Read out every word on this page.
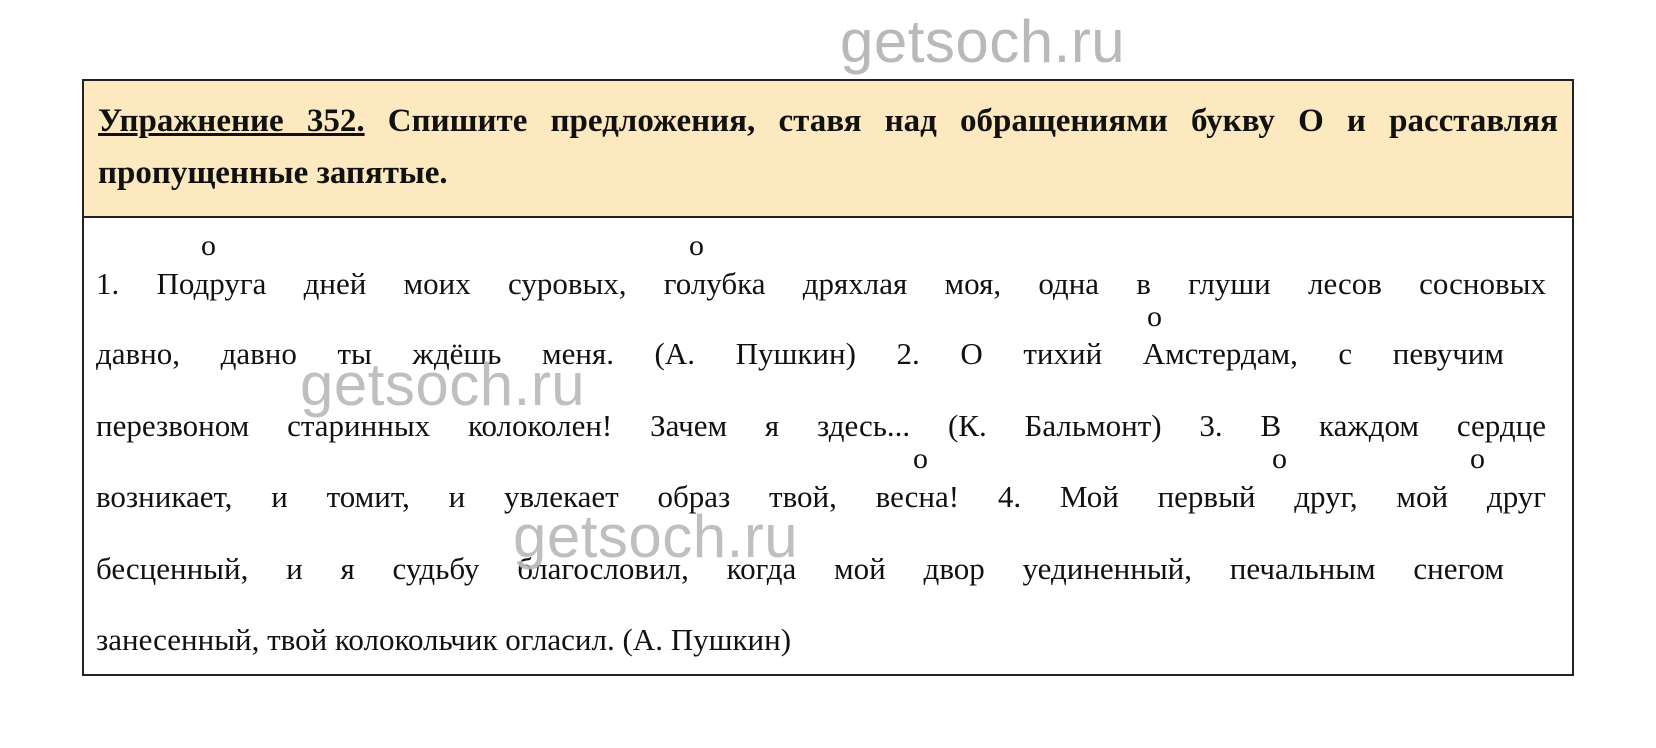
getsoch.ru
Упражнение 352. Спишите предложения, ставя над обращениями букву О и расставляя пропущенные запятые.
о	о
о
о	о	о
1. Подруга дней моих суровых, голубка дряхлая моя, одна в глуши лесов сосновых
давно, давно ты ждёшь меня. (А. Пушкин) 2. О тихий Амстердам, с певучим
перезвоном старинных колоколен! Зачем я здесь... (К. Бальмонт) 3. В каждом сердце
возникает, и томит, и увлекает образ твой, весна! 4. Мой первый друг, мой друг
бесценный, и я судьбу благословил, когда мой двор уединенный, печальным снегом
занесенный, твой колокольчик огласил. (А. Пушкин)
getsoch.ru
getsoch.ru
